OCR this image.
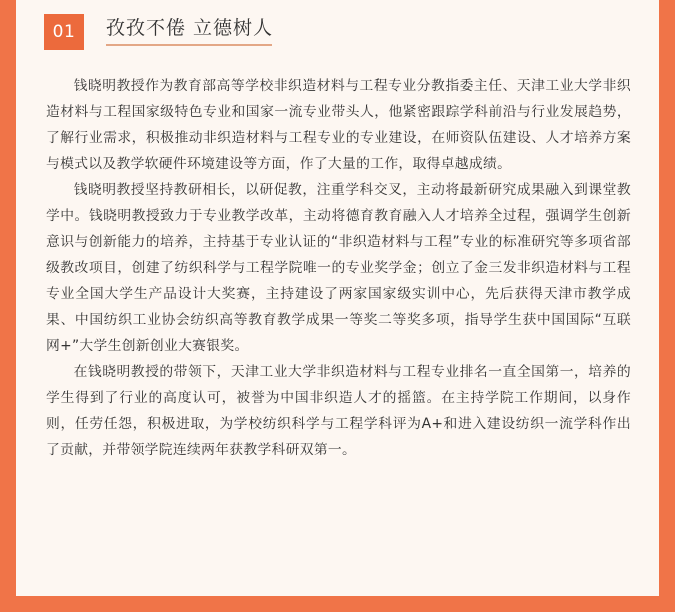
01	孜孜不倦 立德树人

钱晓明教授作为教育部高等学校非织造材料与工程专业分教指委主任、天津工业大学非织造材料与工程国家级特色专业和国家一流专业带头人，他紧密跟踪学科前沿与行业发展趋势，了解行业需求，积极推动非织造材料与工程专业的专业建设，在师资队伍建设、人才培养方案与模式以及教学软硬件环境建设等方面，作了大量的工作，取得卓越成绩。

钱晓明教授坚持教研相长，以研促教，注重学科交叉，主动将最新研究成果融入到课堂教学中。钱晓明教授致力于专业教学改革，主动将德育教育融入人才培养全过程，强调学生创新意识与创新能力的培养，主持基于专业认证的“非织造材料与工程”专业的标准研究等多项省部级教改项目，创建了纺织科学与工程学院唯一的专业奖学金；创立了金三发非织造材料与工程专业全国大学生产品设计大奖赛，主持建设了两家国家级实训中心，先后获得天津市教学成果、中国纺织工业协会纺织高等教育教学成果一等奖二等奖多项，指导学生获中国国际“互联网+”大学生创新创业大赛银奖。

在钱晓明教授的带领下，天津工业大学非织造材料与工程专业排名一直全国第一，培养的学生得到了行业的高度认可，被誉为中国非织造人才的摇篮。在主持学院工作期间，以身作则，任劳任怨，积极进取，为学校纺织科学与工程学科评为A+和进入建设纺织一流学科作出了贡献，并带领学院连续两年获教学科研双第一。
